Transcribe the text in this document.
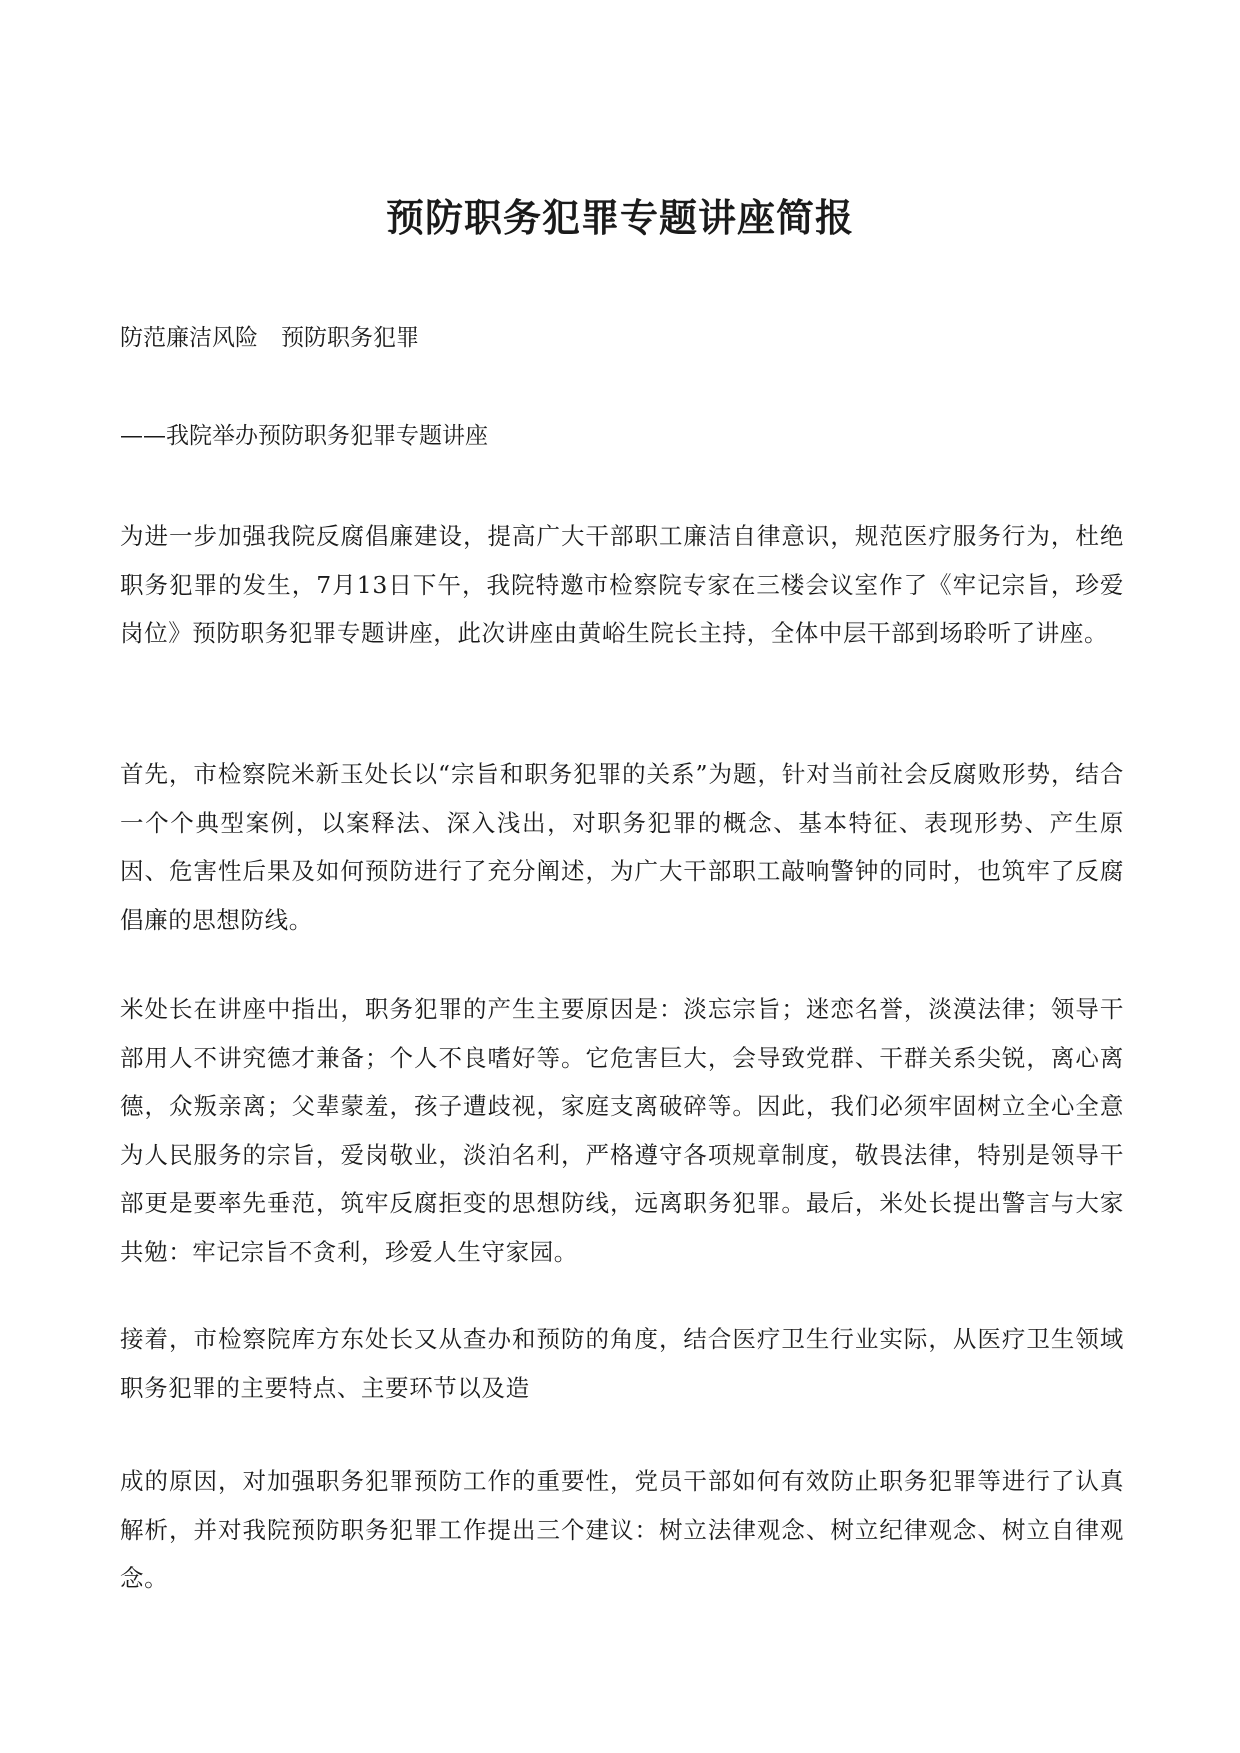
预防职务犯罪专题讲座简报

防范廉洁风险　预防职务犯罪

——我院举办预防职务犯罪专题讲座

为进一步加强我院反腐倡廉建设，提高广大干部职工廉洁自律意识，规范医疗服务行为，杜绝职务犯罪的发生，7月13日下午，我院特邀市检察院专家在三楼会议室作了《牢记宗旨，珍爱岗位》预防职务犯罪专题讲座，此次讲座由黄峪生院长主持，全体中层干部到场聆听了讲座。

首先，市检察院米新玉处长以“宗旨和职务犯罪的关系”为题，针对当前社会反腐败形势，结合一个个典型案例，以案释法、深入浅出，对职务犯罪的概念、基本特征、表现形势、产生原因、危害性后果及如何预防进行了充分阐述，为广大干部职工敲响警钟的同时，也筑牢了反腐倡廉的思想防线。

米处长在讲座中指出，职务犯罪的产生主要原因是：淡忘宗旨；迷恋名誉，淡漠法律；领导干部用人不讲究德才兼备；个人不良嗜好等。它危害巨大，会导致党群、干群关系尖锐，离心离德，众叛亲离；父辈蒙羞，孩子遭歧视，家庭支离破碎等。因此，我们必须牢固树立全心全意为人民服务的宗旨，爱岗敬业，淡泊名利，严格遵守各项规章制度，敬畏法律，特别是领导干部更是要率先垂范，筑牢反腐拒变的思想防线，远离职务犯罪。最后，米处长提出警言与大家共勉：牢记宗旨不贪利，珍爱人生守家园。

接着，市检察院库方东处长又从查办和预防的角度，结合医疗卫生行业实际，从医疗卫生领域职务犯罪的主要特点、主要环节以及造

成的原因，对加强职务犯罪预防工作的重要性，党员干部如何有效防止职务犯罪等进行了认真解析，并对我院预防职务犯罪工作提出三个建议：树立法律观念、树立纪律观念、树立自律观念。
